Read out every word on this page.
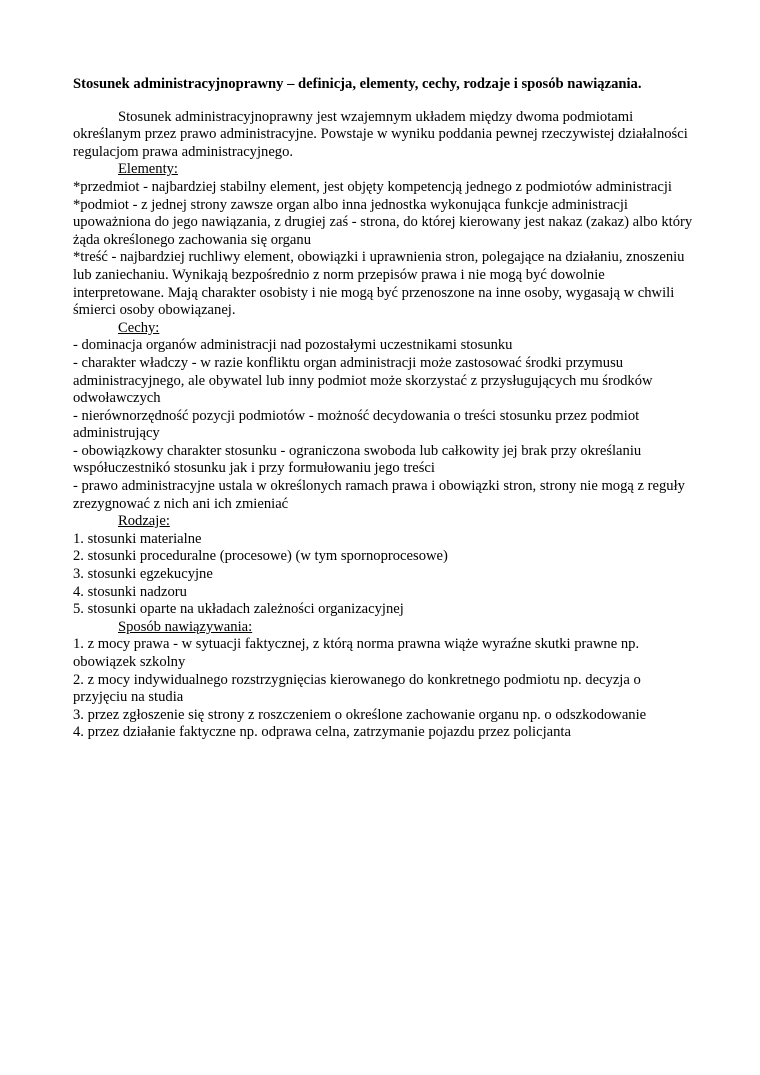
Stosunek administracyjnoprawny – definicja, elementy, cechy, rodzaje i sposób nawiązania.

Stosunek administracyjnoprawny jest wzajemnym układem między dwoma podmiotami określanym przez prawo administracyjne. Powstaje w wyniku poddania pewnej rzeczywistej działalności regulacjom prawa administracyjnego.

Elementy:

*przedmiot - najbardziej stabilny element, jest objęty kompetencją jednego z podmiotów administracji

*podmiot - z jednej strony zawsze organ albo inna jednostka wykonująca funkcje administracji upoważniona do jego nawiązania, z drugiej zaś - strona, do której kierowany jest nakaz (zakaz) albo który żąda określonego zachowania się organu

*treść - najbardziej ruchliwy element, obowiązki i uprawnienia stron, polegające na działaniu, znoszeniu lub zaniechaniu. Wynikają bezpośrednio z norm przepisów prawa i nie mogą być dowolnie interpretowane. Mają charakter osobisty i nie mogą być przenoszone na inne osoby, wygasają w chwili śmierci osoby obowiązanej.

Cechy:

- dominacja organów administracji nad pozostałymi uczestnikami stosunku

- charakter władczy - w razie konfliktu organ administracji może zastosować środki przymusu administracyjnego, ale obywatel lub inny podmiot może skorzystać z przysługujących mu środków odwoławczych

- nierównorzędność pozycji podmiotów - możność decydowania o treści stosunku przez podmiot administrujący

- obowiązkowy charakter stosunku - ograniczona swoboda lub całkowity jej brak przy określaniu współuczestnikó stosunku jak i przy formułowaniu jego treści

- prawo administracyjne ustala w określonych ramach prawa i obowiązki stron, strony nie mogą z reguły zrezygnować z nich ani ich zmieniać

Rodzaje:

1. stosunki materialne

2. stosunki proceduralne (procesowe) (w tym spornoprocesowe)

3. stosunki egzekucyjne

4. stosunki nadzoru

5. stosunki oparte na układach zależności organizacyjnej

Sposób nawiązywania:

1. z mocy prawa - w sytuacji faktycznej, z którą norma prawna wiąże wyraźne skutki prawne np. obowiązek szkolny

2. z mocy indywidualnego rozstrzygnięcias kierowanego do konkretnego podmiotu np. decyzja o przyjęciu na studia

3. przez zgłoszenie się strony z roszczeniem o określone zachowanie organu np. o odszkodowanie

4. przez działanie faktyczne np. odprawa celna, zatrzymanie pojazdu przez policjanta
